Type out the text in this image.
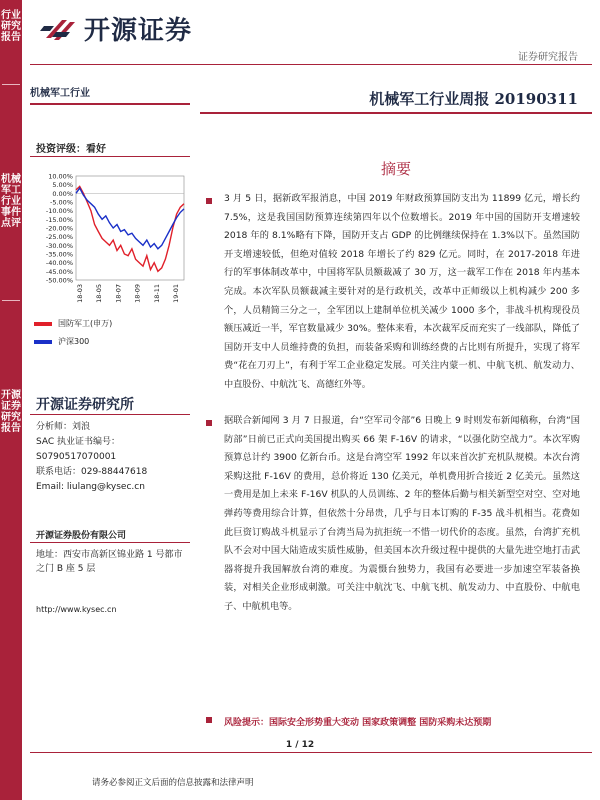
行业研究报告
机械军工行业事件点评
开源证券研究报告
开源证券
证券研究报告
机械军工行业	机械军工行业周报 20190311
投资评级：看好
10.00%
5.00%
0.00%
-5.00%
-10.00%
-15.00%
-20.00%
-25.00%
-30.00%
-35.00%
-40.00%
-45.00%
-50.00%
18-03 18-05 18-07 18-09 18-11 19-01
国防军工(申万)
沪深300
开源证券研究所
分析师：刘浪
SAC 执业证书编号：
S0790517070001
联系电话：029-88447618
Email: liulang@kysec.cn
开源证券股份有限公司
地址：西安市高新区锦业路 1 号都市之门 B 座 5 层
http://www.kysec.cn
摘要
3 月 5 日，据新政军报消息，中国 2019 年财政预算国防支出为 11899 亿元，增长约 7.5%，这是我国国防预算连续第四年以个位数增长。2019 年中国的国防开支增速较 2018 年的 8.1%略有下降，国防开支占 GDP 的比例继续保持在 1.3%以下。虽然国防开支增速较低，但绝对值较 2018 年增长了约 829 亿元。同时，在 2017-2018 年进行的军事体制改革中，中国将军队员额裁减了 30 万，这一裁军工作在 2018 年内基本完成。本次军队员额裁减主要针对的是行政机关，改革中正师级以上机构减少 200 多个，人员精简三分之一，全军团以上建制单位机关减少 1000 多个，非战斗机构现役员额压减近一半，军官数量减少 30%。整体来看，本次裁军反而充实了一线部队，降低了国防开支中人员维持费的负担，而装备采购和训练经费的占比则有所提升，实现了将军费“花在刀刃上”，有利于军工企业稳定发展。可关注内蒙一机、中航飞机、航发动力、中直股份、中航沈飞、高德红外等。
据联合新闻网 3 月 7 日报道，台“空军司令部”6 日晚上 9 时则发布新闻稿称，台湾“国防部”日前已正式向美国提出购买 66 架 F-16V 的请求，“以强化防空战力”。本次军购预算总计约 3900 亿新台币。这是台湾空军 1992 年以来首次扩充机队规模。本次台湾采购这批 F-16V 的费用，总价将近 130 亿美元，单机费用折合接近 2 亿美元。虽然这一费用是加上未来 F-16V 机队的人员训练、2 年的整体后勤与相关新型空对空、空对地弹药等费用综合计算，但依然十分昂贵，几乎与日本订购的 F-35 战斗机相当。花费如此巨资订购战斗机显示了台湾当局为抗拒统一不惜一切代价的态度。虽然，台湾扩充机队不会对中国大陆造成实质性威胁，但美国本次升级过程中提供的大量先进空地打击武器将提升我国解放台湾的难度。为震慑台独势力，我国有必要进一步加速空军装备换装，对相关企业形成刺激。可关注中航沈飞、中航飞机、航发动力、中直股份、中航电子、中航机电等。
风险提示：国际安全形势重大变动 国家政策调整 国防采购未达预期
1 / 12
请务必参阅正文后面的信息披露和法律声明
